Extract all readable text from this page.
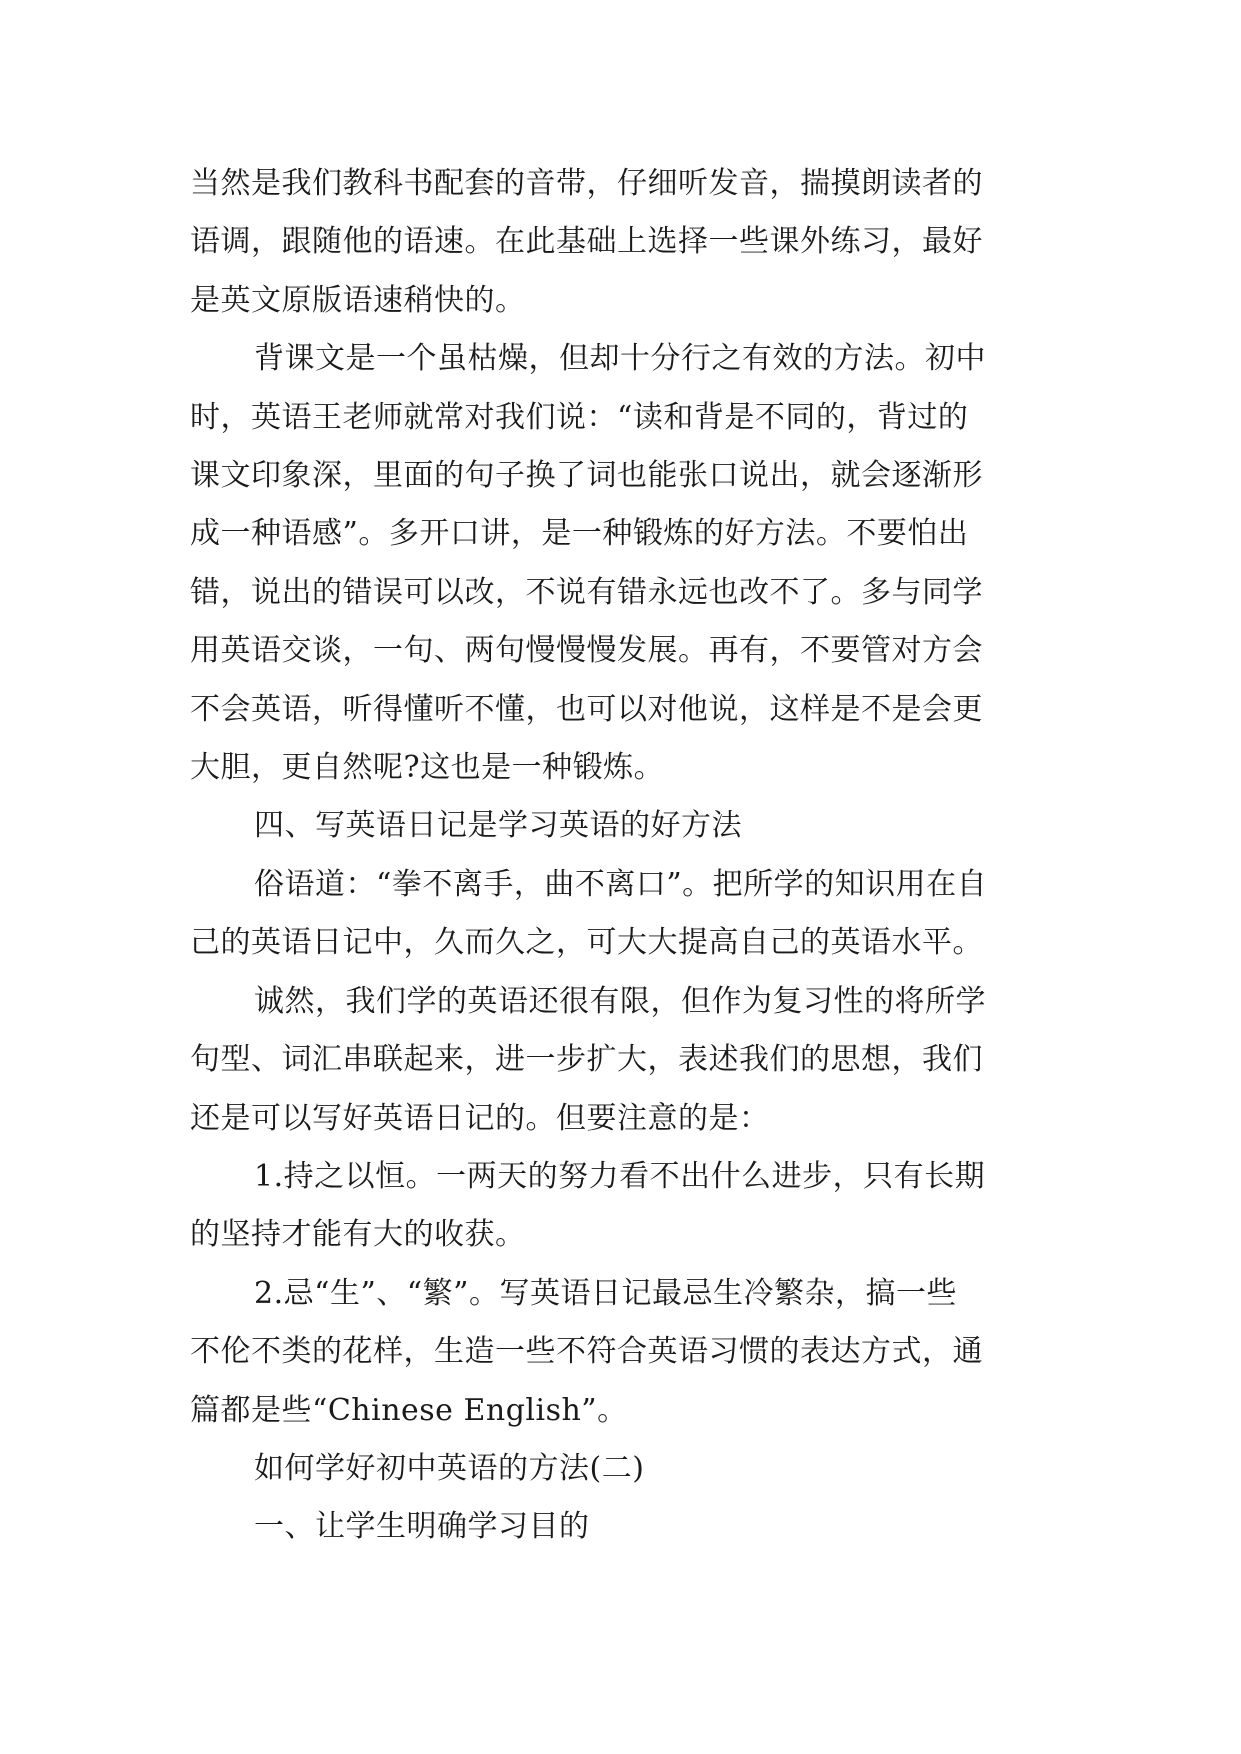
当然是我们教科书配套的音带，仔细听发音，揣摸朗读者的
语调，跟随他的语速。在此基础上选择一些课外练习，最好
是英文原版语速稍快的。
背课文是一个虽枯燥，但却十分行之有效的方法。初中
时，英语王老师就常对我们说：“读和背是不同的，背过的
课文印象深，里面的句子换了词也能张口说出，就会逐渐形
成一种语感”。多开口讲，是一种锻炼的好方法。不要怕出
错，说出的错误可以改，不说有错永远也改不了。多与同学
用英语交谈，一句、两句慢慢慢发展。再有，不要管对方会
不会英语，听得懂听不懂，也可以对他说，这样是不是会更
大胆，更自然呢?这也是一种锻炼。
四、写英语日记是学习英语的好方法
俗语道：“拳不离手，曲不离口”。把所学的知识用在自
己的英语日记中，久而久之，可大大提高自己的英语水平。
诚然，我们学的英语还很有限，但作为复习性的将所学
句型、词汇串联起来，进一步扩大，表述我们的思想，我们
还是可以写好英语日记的。但要注意的是：
1.持之以恒。一两天的努力看不出什么进步，只有长期
的坚持才能有大的收获。
2.忌“生”、“繁”。写英语日记最忌生冷繁杂，搞一些
不伦不类的花样，生造一些不符合英语习惯的表达方式，通
篇都是些“Chinese English”。
如何学好初中英语的方法(二)
一、让学生明确学习目的
